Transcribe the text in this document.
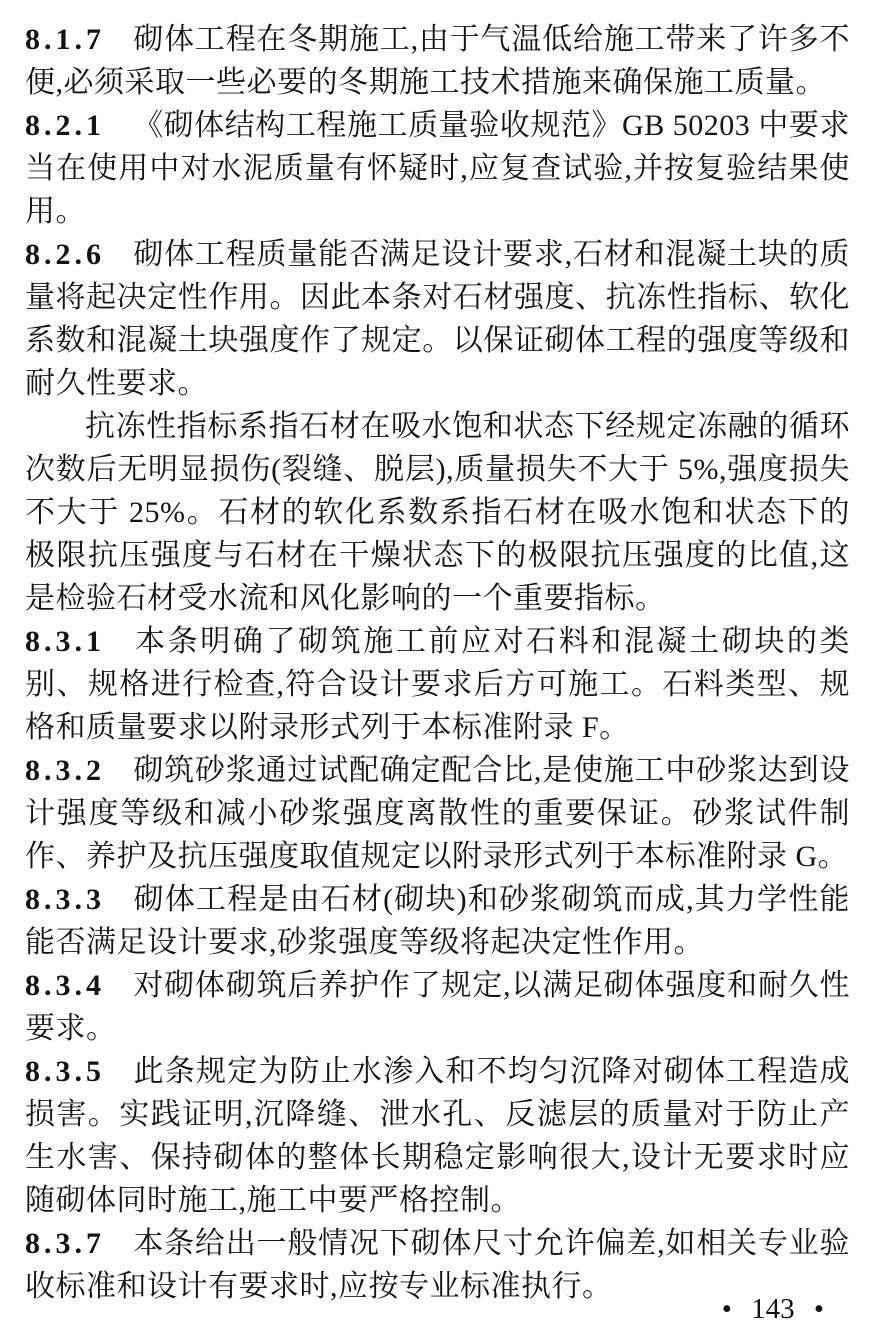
8.1.7 砌体工程在冬期施工,由于气温低给施工带来了许多不便,必须采取一些必要的冬期施工技术措施来确保施工质量。

8.2.1 《砌体结构工程施工质量验收规范》GB 50203 中要求当在使用中对水泥质量有怀疑时,应复查试验,并按复验结果使用。

8.2.6 砌体工程质量能否满足设计要求,石材和混凝土块的质量将起决定性作用。因此本条对石材强度、抗冻性指标、软化系数和混凝土块强度作了规定。以保证砌体工程的强度等级和耐久性要求。

抗冻性指标系指石材在吸水饱和状态下经规定冻融的循环次数后无明显损伤(裂缝、脱层),质量损失不大于 5%,强度损失不大于 25%。石材的软化系数系指石材在吸水饱和状态下的极限抗压强度与石材在干燥状态下的极限抗压强度的比值,这是检验石材受水流和风化影响的一个重要指标。

8.3.1 本条明确了砌筑施工前应对石料和混凝土砌块的类别、规格进行检查,符合设计要求后方可施工。石料类型、规格和质量要求以附录形式列于本标准附录 F。

8.3.2 砌筑砂浆通过试配确定配合比,是使施工中砂浆达到设计强度等级和减小砂浆强度离散性的重要保证。砂浆试件制作、养护及抗压强度取值规定以附录形式列于本标准附录 G。

8.3.3 砌体工程是由石材(砌块)和砂浆砌筑而成,其力学性能能否满足设计要求,砂浆强度等级将起决定性作用。

8.3.4 对砌体砌筑后养护作了规定,以满足砌体强度和耐久性要求。

8.3.5 此条规定为防止水渗入和不均匀沉降对砌体工程造成损害。实践证明,沉降缝、泄水孔、反滤层的质量对于防止产生水害、保持砌体的整体长期稳定影响很大,设计无要求时应随砌体同时施工,施工中要严格控制。

8.3.7 本条给出一般情况下砌体尺寸允许偏差,如相关专业验收标准和设计有要求时,应按专业标准执行。

• 143 •
